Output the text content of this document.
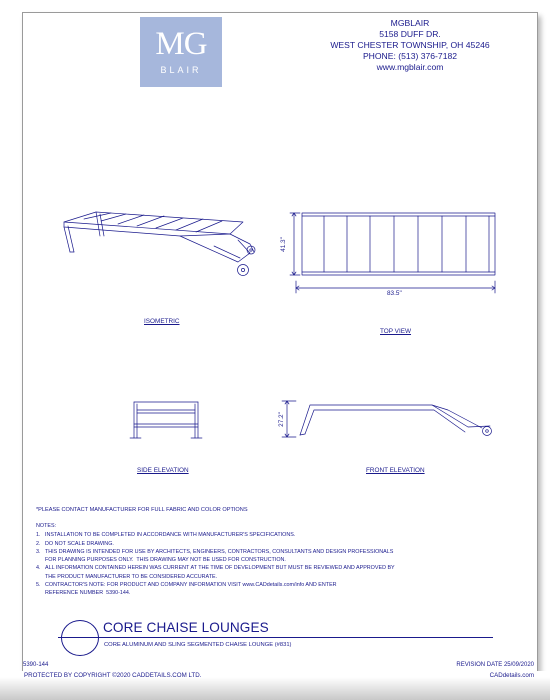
MG
BLAIR
MGBLAIR
5158 DUFF DR.
WEST CHESTER TOWNSHIP, OH 45246
PHONE: (513) 376-7182
www.mgblair.com
41.3"
83.5"
27.2"
ISOMETRIC
TOP VIEW
SIDE ELEVATION	FRONT ELEVATION
*PLEASE CONTACT MANUFACTURER FOR FULL FABRIC AND COLOR OPTIONS
NOTES:
1. INSTALLATION TO BE COMPLETED IN ACCORDANCE WITH MANUFACTURER'S SPECIFICATIONS.
2. DO NOT SCALE DRAWING.
3. THIS DRAWING IS INTENDED FOR USE BY ARCHITECTS, ENGINEERS, CONTRACTORS, CONSULTANTS AND DESIGN PROFESSIONALS
FOR PLANNING PURPOSES ONLY.  THIS DRAWING MAY NOT BE USED FOR CONSTRUCTION.
4. ALL INFORMATION CONTAINED HEREIN WAS CURRENT AT THE TIME OF DEVELOPMENT BUT MUST BE REVIEWED AND APPROVED BY
THE PRODUCT MANUFACTURER TO BE CONSIDERED ACCURATE.
5. CONTRACTOR'S NOTE: FOR PRODUCT AND COMPANY INFORMATION VISIT www.CADdetails.com/info AND ENTER
REFERENCE NUMBER  5390-144.
CORE CHAISE LOUNGES
CORE ALUMINUM AND SLING SEGMENTED CHAISE LOUNGE (#831)
5390-144	REVISION DATE 25/09/2020
PROTECTED BY COPYRIGHT ©2020 CADDETAILS.COM LTD.	CADdetails.com
